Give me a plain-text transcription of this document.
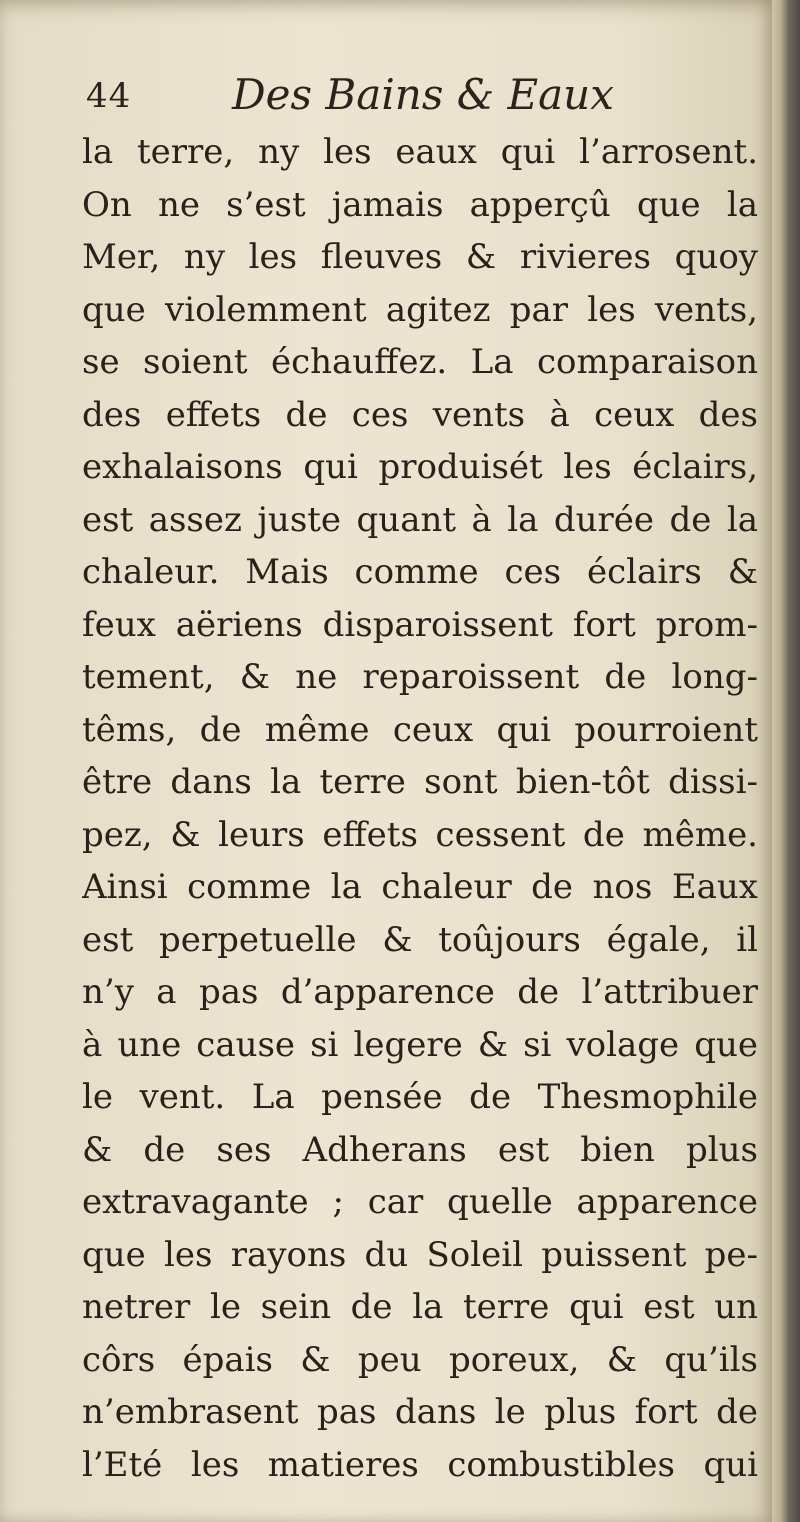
44 Des Bains & Eaux
la terre, ny les eaux qui l’arrosent.
On ne s’est jamais apperçû que la
Mer, ny les fleuves & rivieres quoy
que violemment agitez par les vents,
se soient échauffez. La comparaison
des effets de ces vents à ceux des
exhalaisons qui produisét les éclairs,
est assez juste quant à la durée de la
chaleur. Mais comme ces éclairs &
feux aëriens disparoissent fort prom-
tement, & ne reparoissent de long-
têms, de même ceux qui pourroient
être dans la terre sont bien-tôt dissi-
pez, & leurs effets cessent de même.
Ainsi comme la chaleur de nos Eaux
est perpetuelle & toûjours égale, il
n’y a pas d’apparence de l’attribuer
à une cause si legere & si volage que
le vent. La pensée de Thesmophile
& de ses Adherans est bien plus
extravagante ; car quelle apparence
que les rayons du Soleil puissent pe-
netrer le sein de la terre qui est un
côrs épais & peu poreux, & qu’ils
n’embrasent pas dans le plus fort de
l’Eté les matieres combustibles qui
